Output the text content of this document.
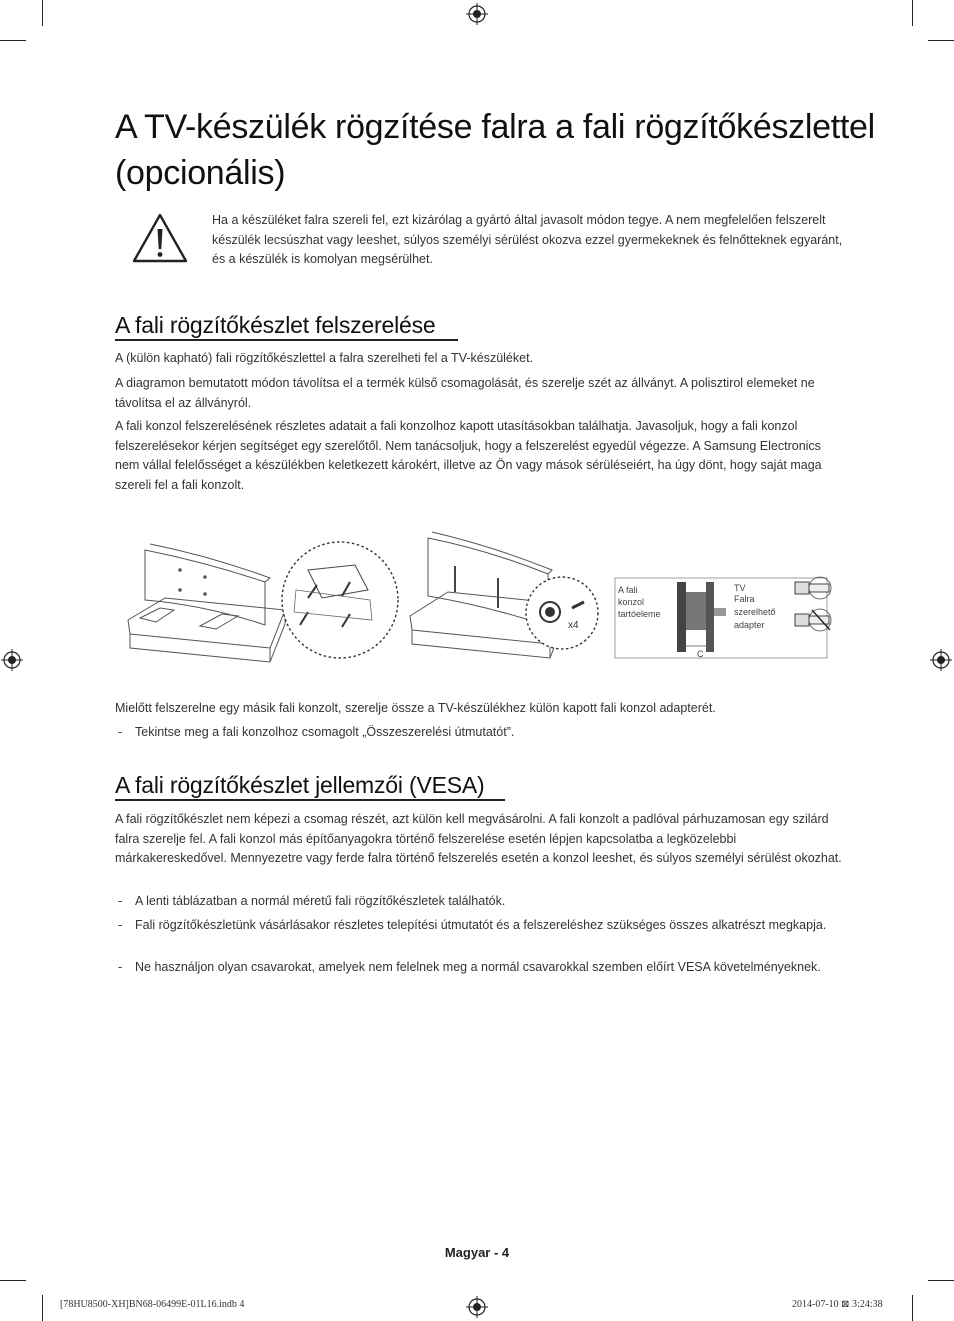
A TV-készülék rögzítése falra a fali rögzítőkészlettel (opcionális)

Ha a készüléket falra szereli fel, ezt kizárólag a gyártó által javasolt módon tegye. A nem megfelelően felszerelt készülék lecsúszhat vagy leeshet, súlyos személyi sérülést okozva ezzel gyermekeknek és felnőtteknek egyaránt, és a készülék is komolyan megsérülhet.

A fali rögzítőkészlet felszerelése

A (külön kapható) fali rögzítőkészlettel a falra szerelheti fel a TV-készüléket.

A diagramon bemutatott módon távolítsa el a termék külső csomagolását, és szerelje szét az állványt. A polisztirol elemeket ne távolítsa el az állványról.

A fali konzol felszerelésének részletes adatait a fali konzolhoz kapott utasításokban találhatja. Javasoljuk, hogy a fali konzol felszerelésekor kérjen segítséget egy szerelőtől. Nem tanácsoljuk, hogy a felszerelést egyedül végezze. A Samsung Electronics nem vállal felelősséget a készülékben keletkezett károkért, illetve az Ön vagy mások sérüléseiért, ha úgy dönt, hogy saját maga szereli fel a fali konzolt.

x4
A fali konzol tartóeleme
TV
Falra szerelhető adapter
C

Mielőtt felszerelne egy másik fali konzolt, szerelje össze a TV-készülékhez külön kapott fali konzol adapterét.

- Tekintse meg a fali konzolhoz csomagolt „Összeszerelési útmutatót”.
A fali rögzítőkészlet jellemzői (VESA)

A fali rögzítőkészlet nem képezi a csomag részét, azt külön kell megvásárolni. A fali konzolt a padlóval párhuzamosan egy szilárd falra szerelje fel. A fali konzol más építőanyagokra történő felszerelése esetén lépjen kapcsolatba a legközelebbi márkakereskedővel. Mennyezetre vagy ferde falra történő felszerelés esetén a konzol leeshet, és súlyos személyi sérülést okozhat.

- A lenti táblázatban a normál méretű fali rögzítőkészletek találhatók.
- Fali rögzítőkészletünk vásárlásakor részletes telepítési útmutatót és a felszereléshez szükséges összes alkatrészt megkapja.
- Ne használjon olyan csavarokat, amelyek nem felelnek meg a normál csavarokkal szemben előírt VESA követelményeknek.
Magyar - 4
[78HU8500-XH]BN68-06499E-01L16.indb 4	2014-07-10 ⊠ 3:24:38
